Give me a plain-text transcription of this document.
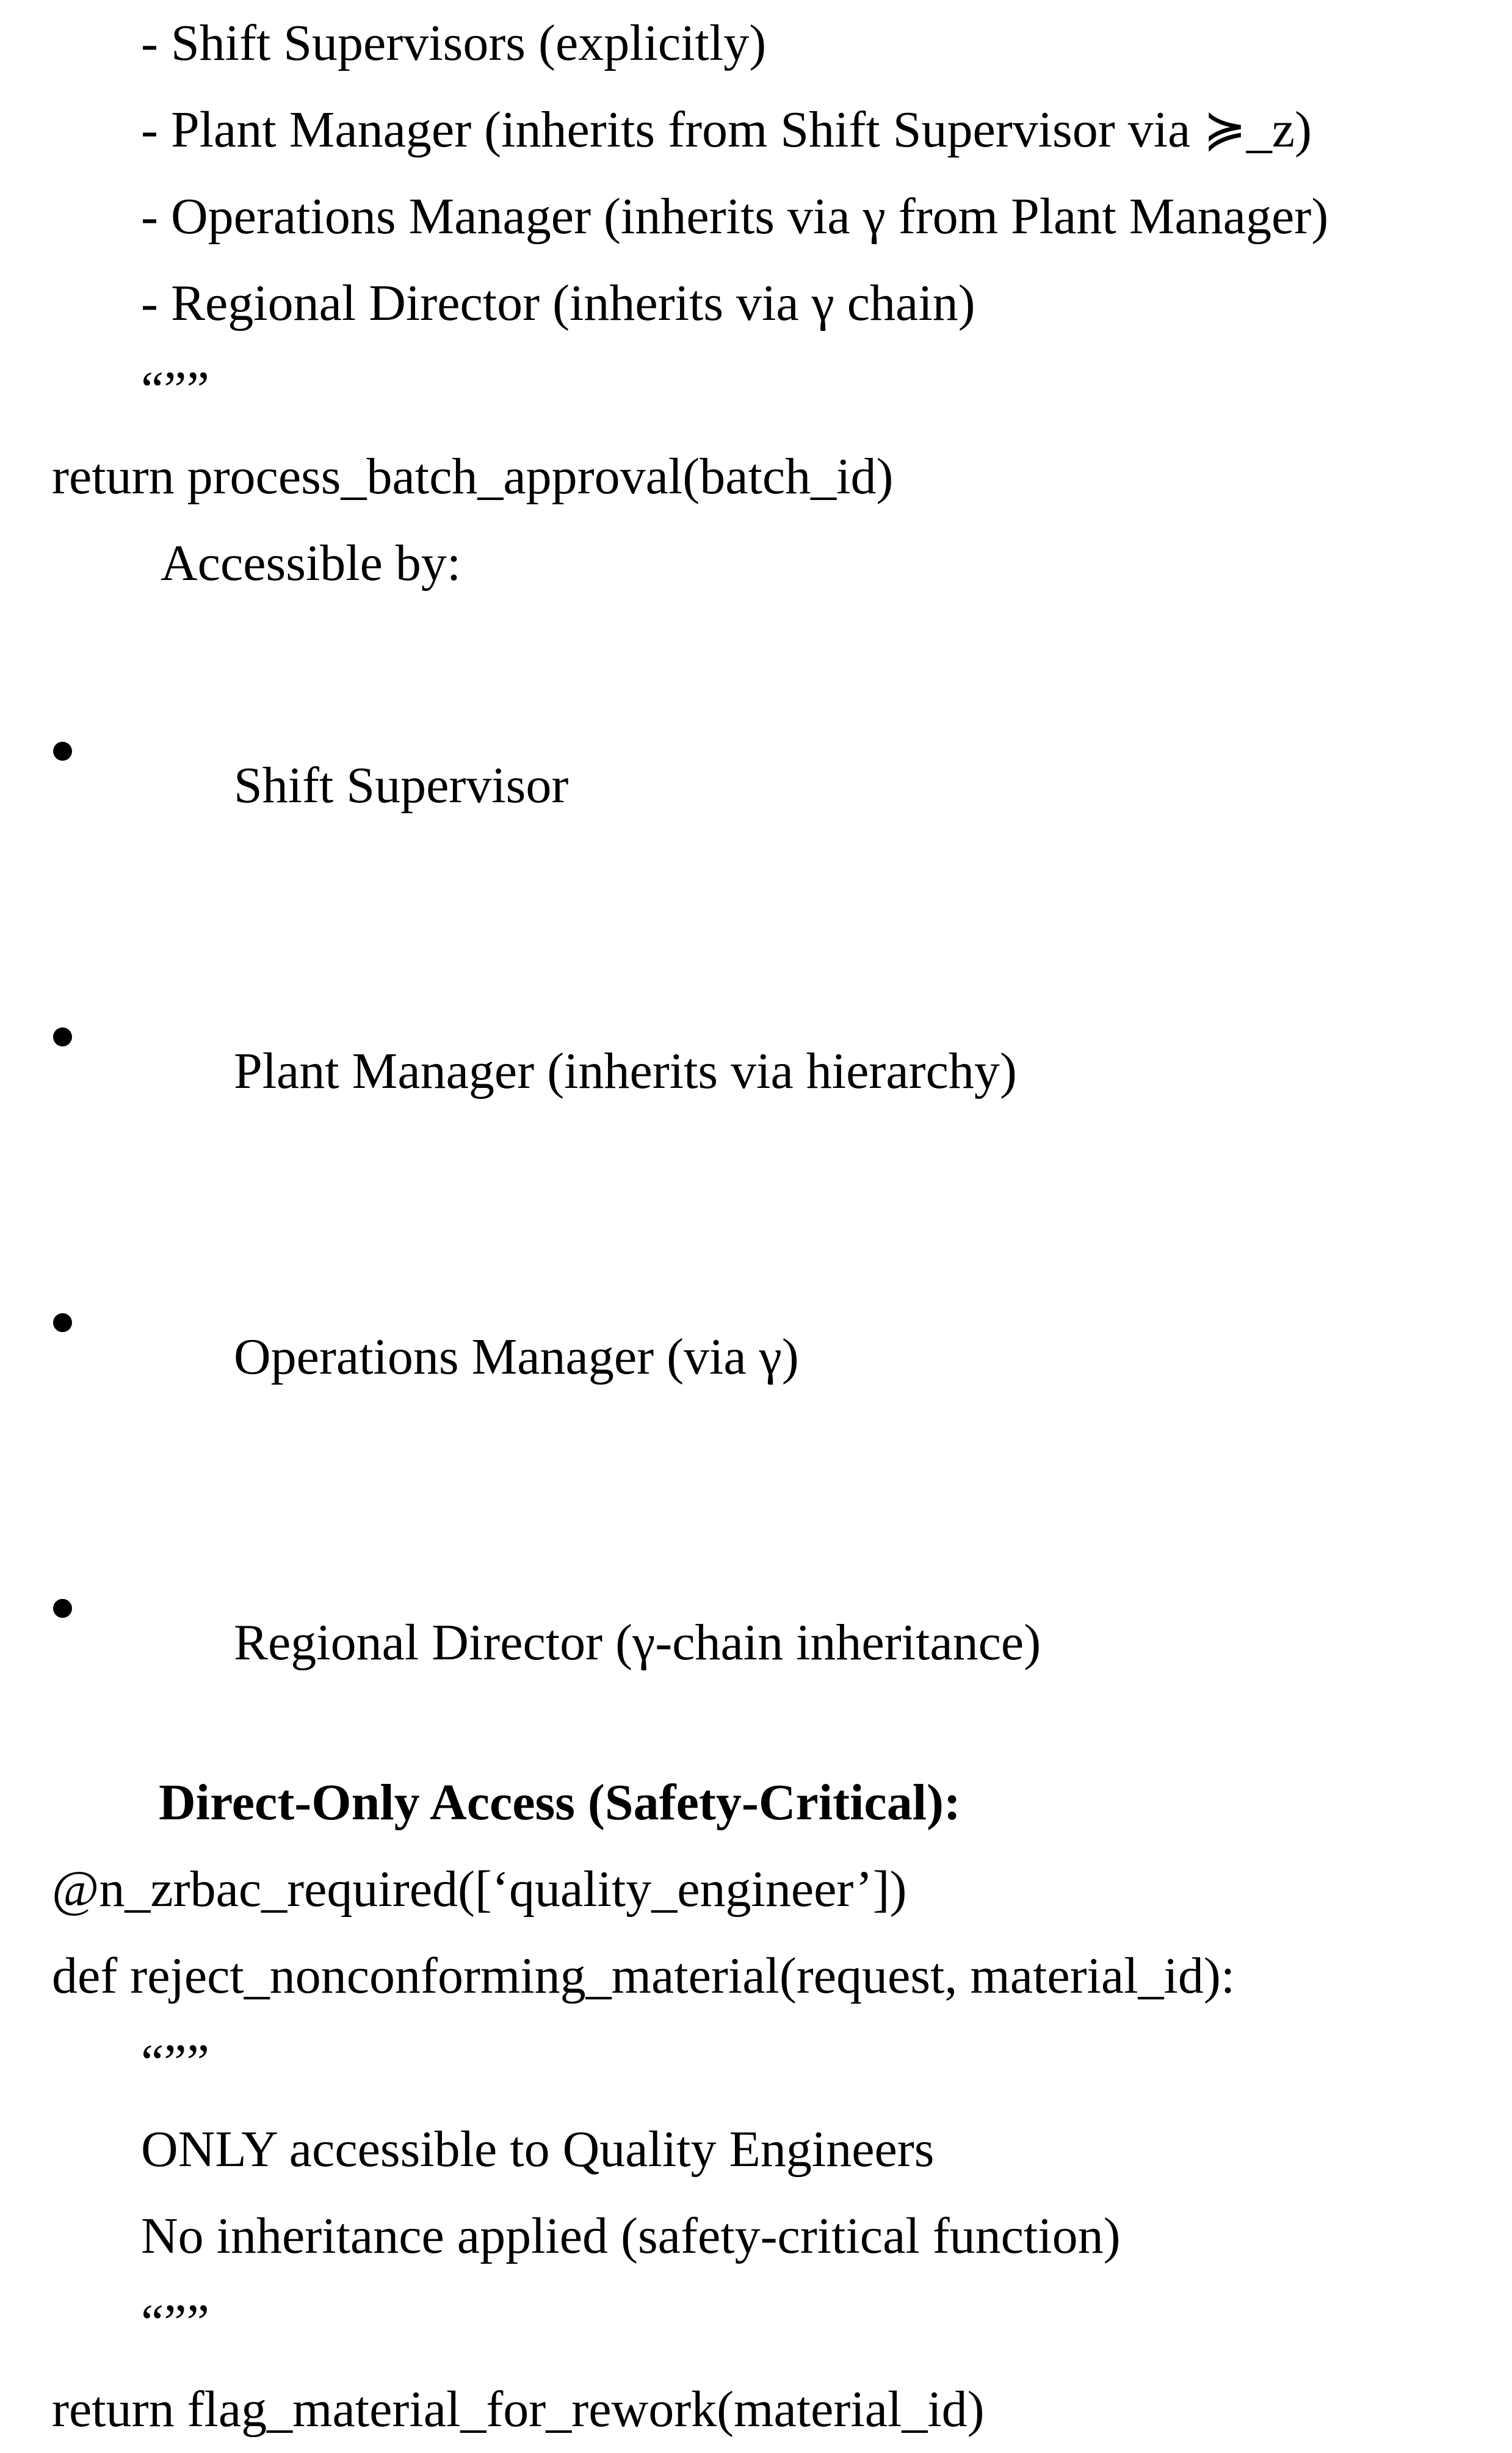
- Shift Supervisors (explicitly)

- Plant Manager (inherits from Shift Supervisor via ≽_z)

- Operations Manager (inherits via γ from Plant Manager)

- Regional Director (inherits via γ chain)

“””

return process_batch_approval(batch_id)

Accessible by:

Shift Supervisor

Plant Manager (inherits via hierarchy)

Operations Manager (via γ)

Regional Director (γ-chain inheritance)

Direct-Only Access (Safety-Critical):

@n_zrbac_required([‘quality_engineer’])

def reject_nonconforming_material(request, material_id):

“””

ONLY accessible to Quality Engineers

No inheritance applied (safety-critical function)

“””

return flag_material_for_rework(material_id)
